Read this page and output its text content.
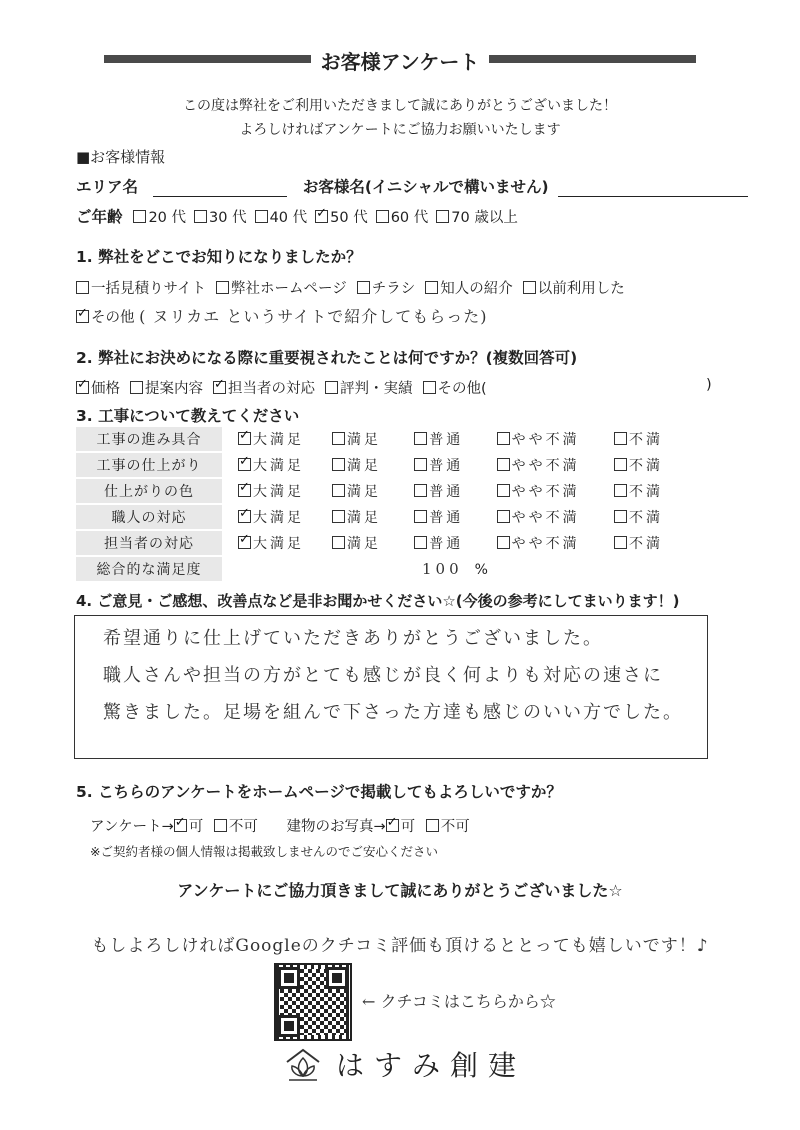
お客様アンケート
この度は弊社をご利用いただきまして誠にありがとうございました！
よろしければアンケートにご協力お願いいたします
■お客様情報
エリア名	お客様名(イニシャルで構いません)
ご年齢 20 代 30 代 40 代 ✓ 50 代 60 代 70 歳以上
1. 弊社をどこでお知りになりましたか？
一括見積りサイト 弊社ホームページ チラシ 知人の紹介 以前利用した
✓その他 ( ヌリカエ というサイトで紹介してもらった)
2. 弊社にお決めになる際に重要視されたことは何ですか？(複数回答可)
✓価格 提案内容 ✓ 担当者の対応 評判・実績 その他(	)
3. 工事について教えてください
工事の進み具合	✓大満足	満足	普通	やや不満	不満
工事の仕上がり	✓大満足	満足	普通	やや不満	不満
仕上がりの色	✓大満足	満足	普通	やや不満	不満
職人の対応	✓大満足	満足	普通	やや不満	不満
担当者の対応	✓大満足	満足	普通	やや不満	不満
総合的な満足度	100 %				
4. ご意見・ご感想、改善点など是非お聞かせください☆(今後の参考にしてまいります！)
希望通りに仕上げていただきありがとうございました。
職人さんや担当の方がとても感じが良く何よりも対応の速さに
驚きました。足場を組んで下さった方達も感じのいい方でした。
5. こちらのアンケートをホームページで掲載してもよろしいですか？
アンケート→ ✓ 可 不可 建物のお写真→ ✓ 可 不可
※ご契約者様の個人情報は掲載致しませんのでご安心ください
アンケートにご協力頂きまして誠にありがとうございました☆
もしよろしければGoogleのクチコミ評価も頂けるととっても嬉しいです！♪
← クチコミはこちらから☆
はすみ創建
